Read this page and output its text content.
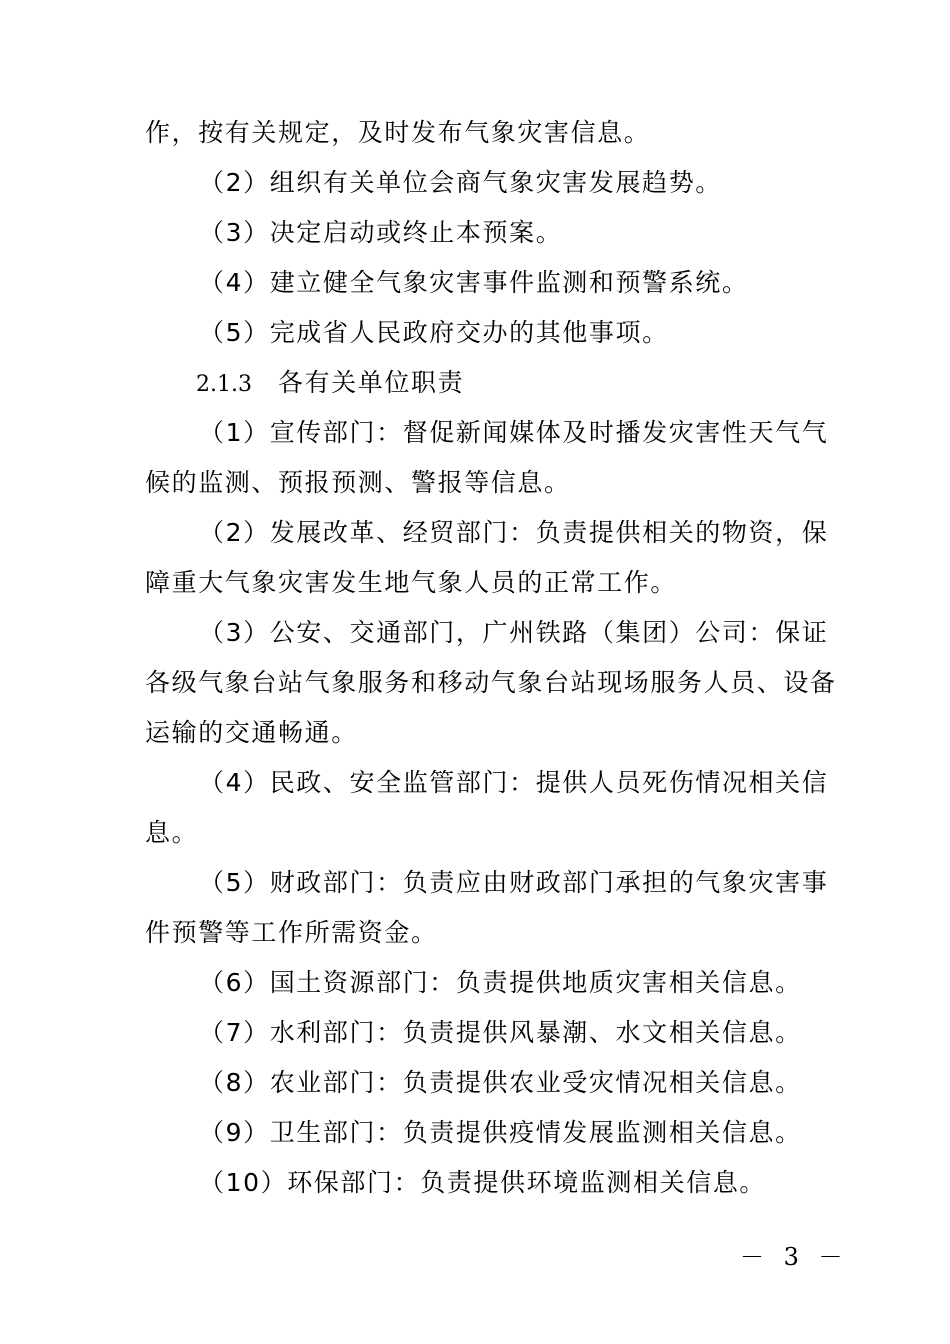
作，按有关规定，及时发布气象灾害信息。
（2）组织有关单位会商气象灾害发展趋势。
（3）决定启动或终止本预案。
（4）建立健全气象灾害事件监测和预警系统。
（5）完成省人民政府交办的其他事项。
2.1.3 各有关单位职责
（1）宣传部门：督促新闻媒体及时播发灾害性天气气
候的监测、预报预测、警报等信息。
（2）发展改革、经贸部门：负责提供相关的物资，保
障重大气象灾害发生地气象人员的正常工作。
（3）公安、交通部门，广州铁路（集团）公司：保证
各级气象台站气象服务和移动气象台站现场服务人员、设备
运输的交通畅通。
（4）民政、安全监管部门：提供人员死伤情况相关信
息。
（5）财政部门：负责应由财政部门承担的气象灾害事
件预警等工作所需资金。
（6）国土资源部门：负责提供地质灾害相关信息。
（7）水利部门：负责提供风暴潮、水文相关信息。
（8）农业部门：负责提供农业受灾情况相关信息。
（9）卫生部门：负责提供疫情发展监测相关信息。
（10）环保部门：负责提供环境监测相关信息。
－ 3 －
